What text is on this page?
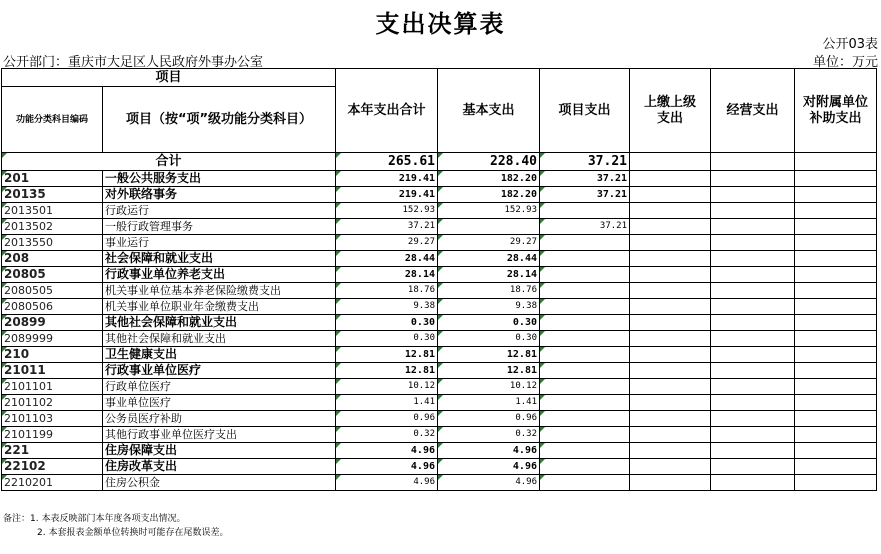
支出决算表
公开03表
公开部门：重庆市大足区人民政府外事办公室	单位：万元
项目		本年支出合计	基本支出	项目支出	上缴上级支出	经营支出	对附属单位补助支出
功能分类科目编码	项目（按“项”级功能分类科目）						
合计		265.61	228.40	37.21			
201	一般公共服务支出	219.41	182.20	37.21			
20135	对外联络事务	219.41	182.20	37.21			
2013501	行政运行	152.93	152.93				
2013502	一般行政管理事务	37.21		37.21			
2013550	事业运行	29.27	29.27				
208	社会保障和就业支出	28.44	28.44				
20805	行政事业单位养老支出	28.14	28.14				
2080505	机关事业单位基本养老保险缴费支出	18.76	18.76				
2080506	机关事业单位职业年金缴费支出	9.38	9.38				
20899	其他社会保障和就业支出	0.30	0.30				
2089999	其他社会保障和就业支出	0.30	0.30				
210	卫生健康支出	12.81	12.81				
21011	行政事业单位医疗	12.81	12.81				
2101101	行政单位医疗	10.12	10.12				
2101102	事业单位医疗	1.41	1.41				
2101103	公务员医疗补助	0.96	0.96				
2101199	其他行政事业单位医疗支出	0.32	0.32				
221	住房保障支出	4.96	4.96				
22102	住房改革支出	4.96	4.96				
2210201	住房公积金	4.96	4.96				
备注：1. 本表反映部门本年度各项支出情况。
2. 本套报表金额单位转换时可能存在尾数误差。
